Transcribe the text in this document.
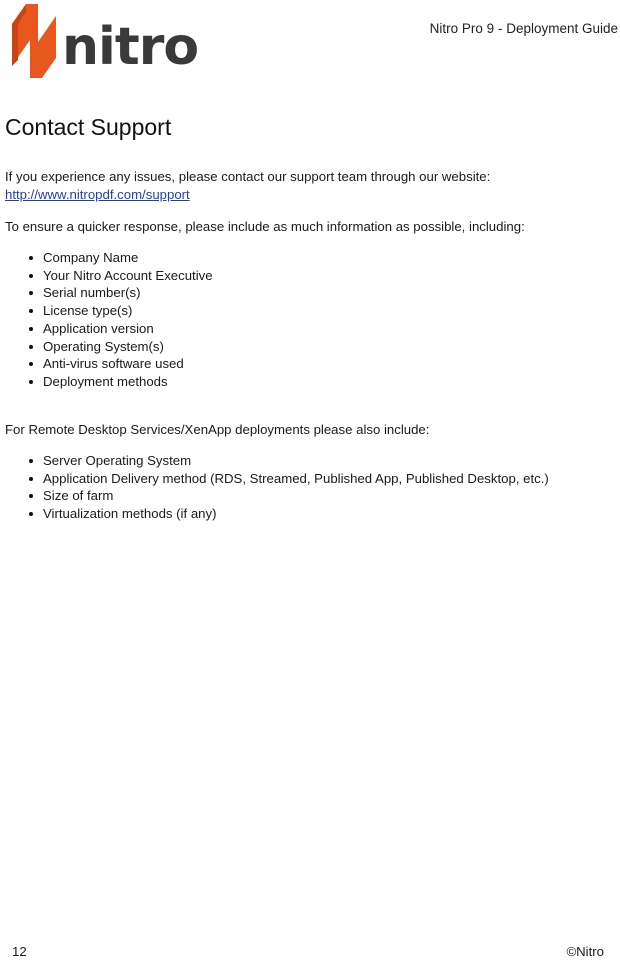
nitro	Nitro Pro 9 - Deployment Guide
Contact Support
If you experience any issues, please contact our support team through our website:
http://www.nitropdf.com/support

To ensure a quicker response, please include as much information as possible, including:

Company Name
Your Nitro Account Executive
Serial number(s)
License type(s)
Application version
Operating System(s)
Anti-virus software used
Deployment methods

For Remote Desktop Services/XenApp deployments please also include:

Server Operating System
Application Delivery method (RDS, Streamed, Published App, Published Desktop, etc.)
Size of farm
Virtualization methods (if any)
12	©Nitro
